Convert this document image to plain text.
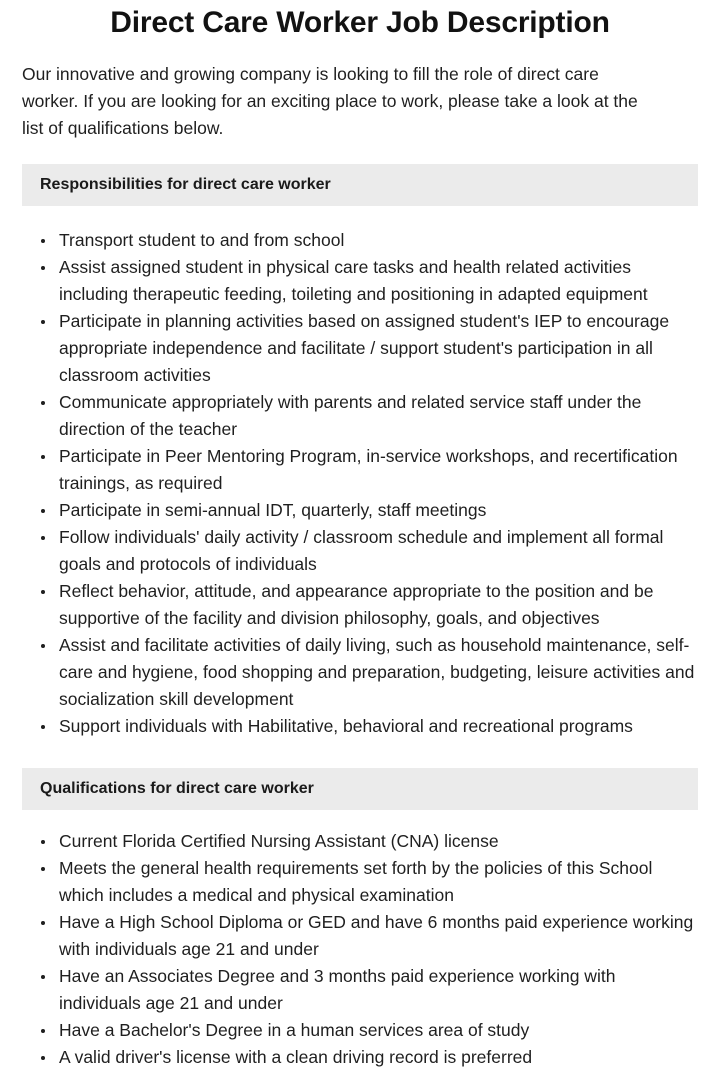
Direct Care Worker Job Description

Our innovative and growing company is looking to fill the role of direct care worker. If you are looking for an exciting place to work, please take a look at the list of qualifications below.

Responsibilities for direct care worker
Transport student to and from school
Assist assigned student in physical care tasks and health related activities including therapeutic feeding, toileting and positioning in adapted equipment
Participate in planning activities based on assigned student's IEP to encourage appropriate independence and facilitate / support student's participation in all classroom activities
Communicate appropriately with parents and related service staff under the direction of the teacher
Participate in Peer Mentoring Program, in-service workshops, and recertification trainings, as required
Participate in semi-annual IDT, quarterly, staff meetings
Follow individuals' daily activity / classroom schedule and implement all formal goals and protocols of individuals
Reflect behavior, attitude, and appearance appropriate to the position and be supportive of the facility and division philosophy, goals, and objectives
Assist and facilitate activities of daily living, such as household maintenance, self-care and hygiene, food shopping and preparation, budgeting, leisure activities and socialization skill development
Support individuals with Habilitative, behavioral and recreational programs
Qualifications for direct care worker
Current Florida Certified Nursing Assistant (CNA) license
Meets the general health requirements set forth by the policies of this School which includes a medical and physical examination
Have a High School Diploma or GED and have 6 months paid experience working with individuals age 21 and under
Have an Associates Degree and 3 months paid experience working with individuals age 21 and under
Have a Bachelor's Degree in a human services area of study
A valid driver's license with a clean driving record is preferred
